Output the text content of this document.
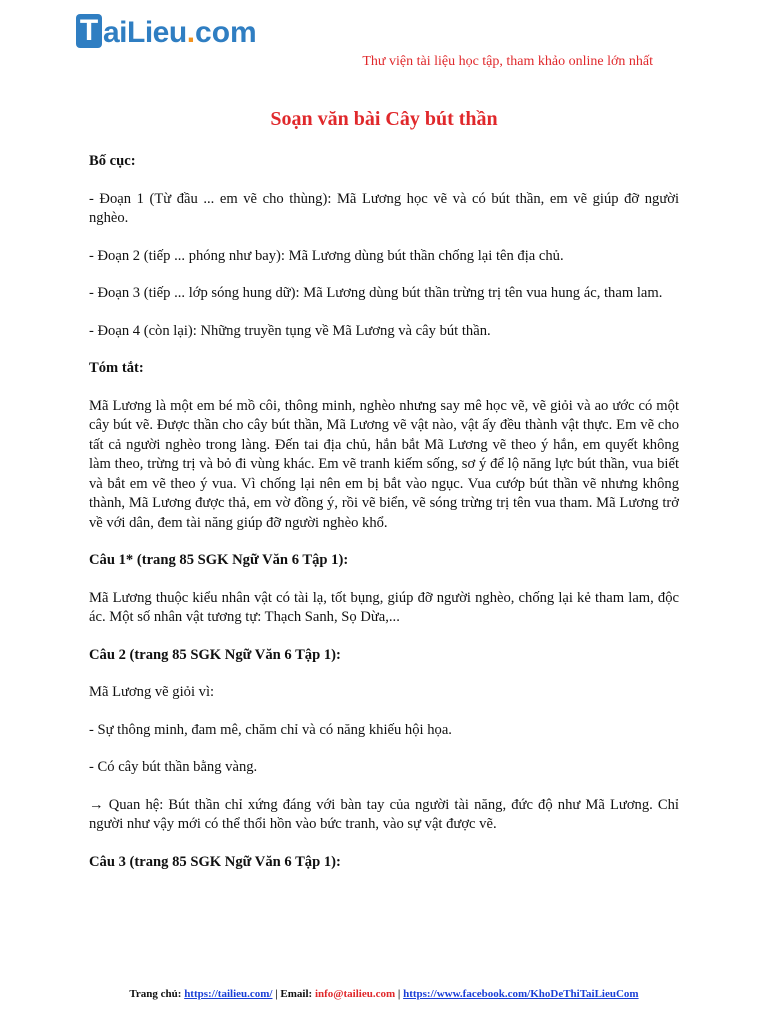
T aiLieu . com
Thư viện tài liệu học tập, tham khảo online lớn nhất
Soạn văn bài Cây bút thần

Bố cục:

- Đoạn 1 (Từ đầu ... em vẽ cho thùng): Mã Lương học vẽ và có bút thần, em vẽ giúp đỡ người nghèo.

- Đoạn 2 (tiếp ... phóng như bay): Mã Lương dùng bút thần chống lại tên địa chủ.

- Đoạn 3 (tiếp ... lớp sóng hung dữ): Mã Lương dùng bút thần trừng trị tên vua hung ác, tham lam.

- Đoạn 4 (còn lại): Những truyền tụng về Mã Lương và cây bút thần.

Tóm tắt:

Mã Lương là một em bé mồ côi, thông minh, nghèo nhưng say mê học vẽ, vẽ giỏi và ao ước có một cây bút vẽ. Được thần cho cây bút thần, Mã Lương vẽ vật nào, vật ấy đều thành vật thực. Em vẽ cho tất cả người nghèo trong làng. Đến tai địa chủ, hắn bắt Mã Lương vẽ theo ý hắn, em quyết không làm theo, trừng trị và bỏ đi vùng khác. Em vẽ tranh kiếm sống, sơ ý để lộ năng lực bút thần, vua biết và bắt em vẽ theo ý vua. Vì chống lại nên em bị bắt vào ngục. Vua cướp bút thần vẽ nhưng không thành, Mã Lương được thả, em vờ đồng ý, rồi vẽ biển, vẽ sóng trừng trị tên vua tham. Mã Lương trở về với dân, đem tài năng giúp đỡ người nghèo khổ.

Câu 1* (trang 85 SGK Ngữ Văn 6 Tập 1):

Mã Lương thuộc kiểu nhân vật có tài lạ, tốt bụng, giúp đỡ người nghèo, chống lại kẻ tham lam, độc ác. Một số nhân vật tương tự: Thạch Sanh, Sọ Dừa,...

Câu 2 (trang 85 SGK Ngữ Văn 6 Tập 1):

Mã Lương vẽ giỏi vì:

- Sự thông minh, đam mê, chăm chỉ và có năng khiếu hội họa.

- Có cây bút thần bằng vàng.

→ Quan hệ: Bút thần chỉ xứng đáng với bàn tay của người tài năng, đức độ như Mã Lương. Chỉ người như vậy mới có thể thổi hồn vào bức tranh, vào sự vật được vẽ.

Câu 3 (trang 85 SGK Ngữ Văn 6 Tập 1):

Trang chủ: https://tailieu.com/ | Email: info@tailieu.com | https://www.facebook.com/KhoDeThiTaiLieuCom
